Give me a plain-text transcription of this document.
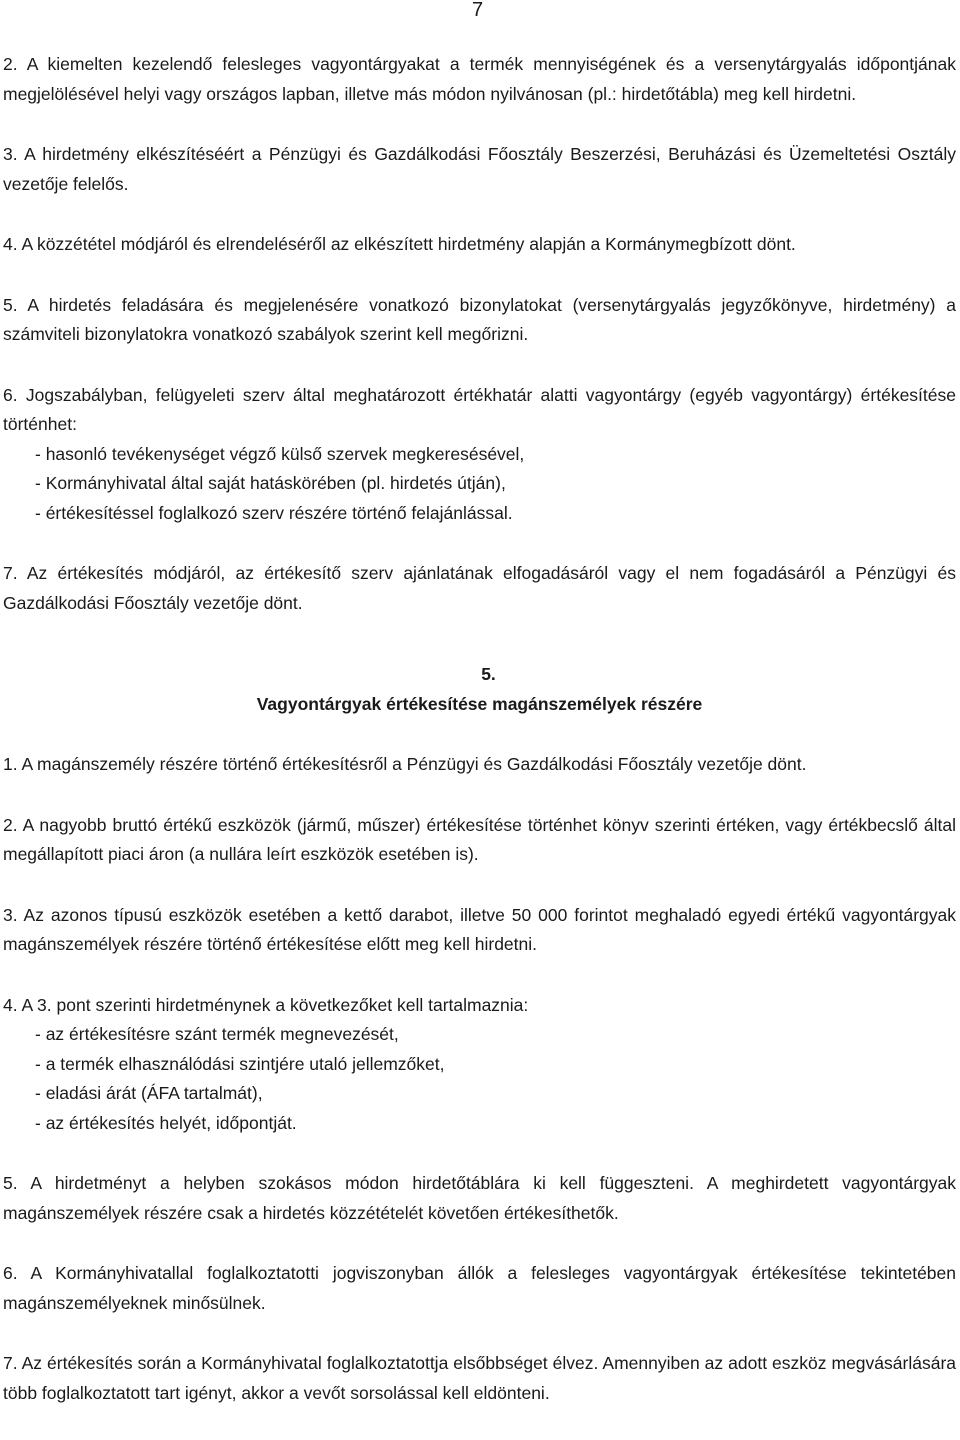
7

2. A kiemelten kezelendő felesleges vagyontárgyakat a termék mennyiségének és a versenytárgyalás időpontjának megjelölésével helyi vagy országos lapban, illetve más módon nyilvánosan (pl.: hirdetőtábla) meg kell hirdetni.

3. A hirdetmény elkészítéséért a Pénzügyi és Gazdálkodási Főosztály Beszerzési, Beruházási és Üzemeltetési Osztály vezetője felelős.

4. A közzététel módjáról és elrendeléséről az elkészített hirdetmény alapján a Kormánymegbízott dönt.

5. A hirdetés feladására és megjelenésére vonatkozó bizonylatokat (versenytárgyalás jegyzőkönyve, hirdetmény) a számviteli bizonylatokra vonatkozó szabályok szerint kell megőrizni.

6. Jogszabályban, felügyeleti szerv által meghatározott értékhatár alatti vagyontárgy (egyéb vagyontárgy) értékesítése történhet:

- hasonló tevékenységet végző külső szervek megkeresésével,
- Kormányhivatal által saját hatáskörében (pl. hirdetés útján),
- értékesítéssel foglalkozó szerv részére történő felajánlással.

7. Az értékesítés módjáról, az értékesítő szerv ajánlatának elfogadásáról vagy el nem fogadásáról a Pénzügyi és Gazdálkodási Főosztály vezetője dönt.

5.
Vagyontárgyak értékesítése magánszemélyek részére

1. A magánszemély részére történő értékesítésről a Pénzügyi és Gazdálkodási Főosztály vezetője dönt.

2. A nagyobb bruttó értékű eszközök (jármű, műszer) értékesítése történhet könyv szerinti értéken, vagy értékbecslő által megállapított piaci áron (a nullára leírt eszközök esetében is).

3. Az azonos típusú eszközök esetében a kettő darabot, illetve 50 000 forintot meghaladó egyedi értékű vagyontárgyak magánszemélyek részére történő értékesítése előtt meg kell hirdetni.

4. A 3. pont szerinti hirdetménynek a következőket kell tartalmaznia:

- az értékesítésre szánt termék megnevezését,
- a termék elhasználódási szintjére utaló jellemzőket,
- eladási árát (ÁFA tartalmát),
- az értékesítés helyét, időpontját.

5. A hirdetményt a helyben szokásos módon hirdetőtáblára ki kell függeszteni. A meghirdetett vagyontárgyak magánszemélyek részére csak a hirdetés közzétételét követően értékesíthetők.

6. A Kormányhivatallal foglalkoztatotti jogviszonyban állók a felesleges vagyontárgyak értékesítése tekintetében magánszemélyeknek minősülnek.

7. Az értékesítés során a Kormányhivatal foglalkoztatottja elsőbbséget élvez. Amennyiben az adott eszköz megvásárlására több foglalkoztatott tart igényt, akkor a vevőt sorsolással kell eldönteni.
